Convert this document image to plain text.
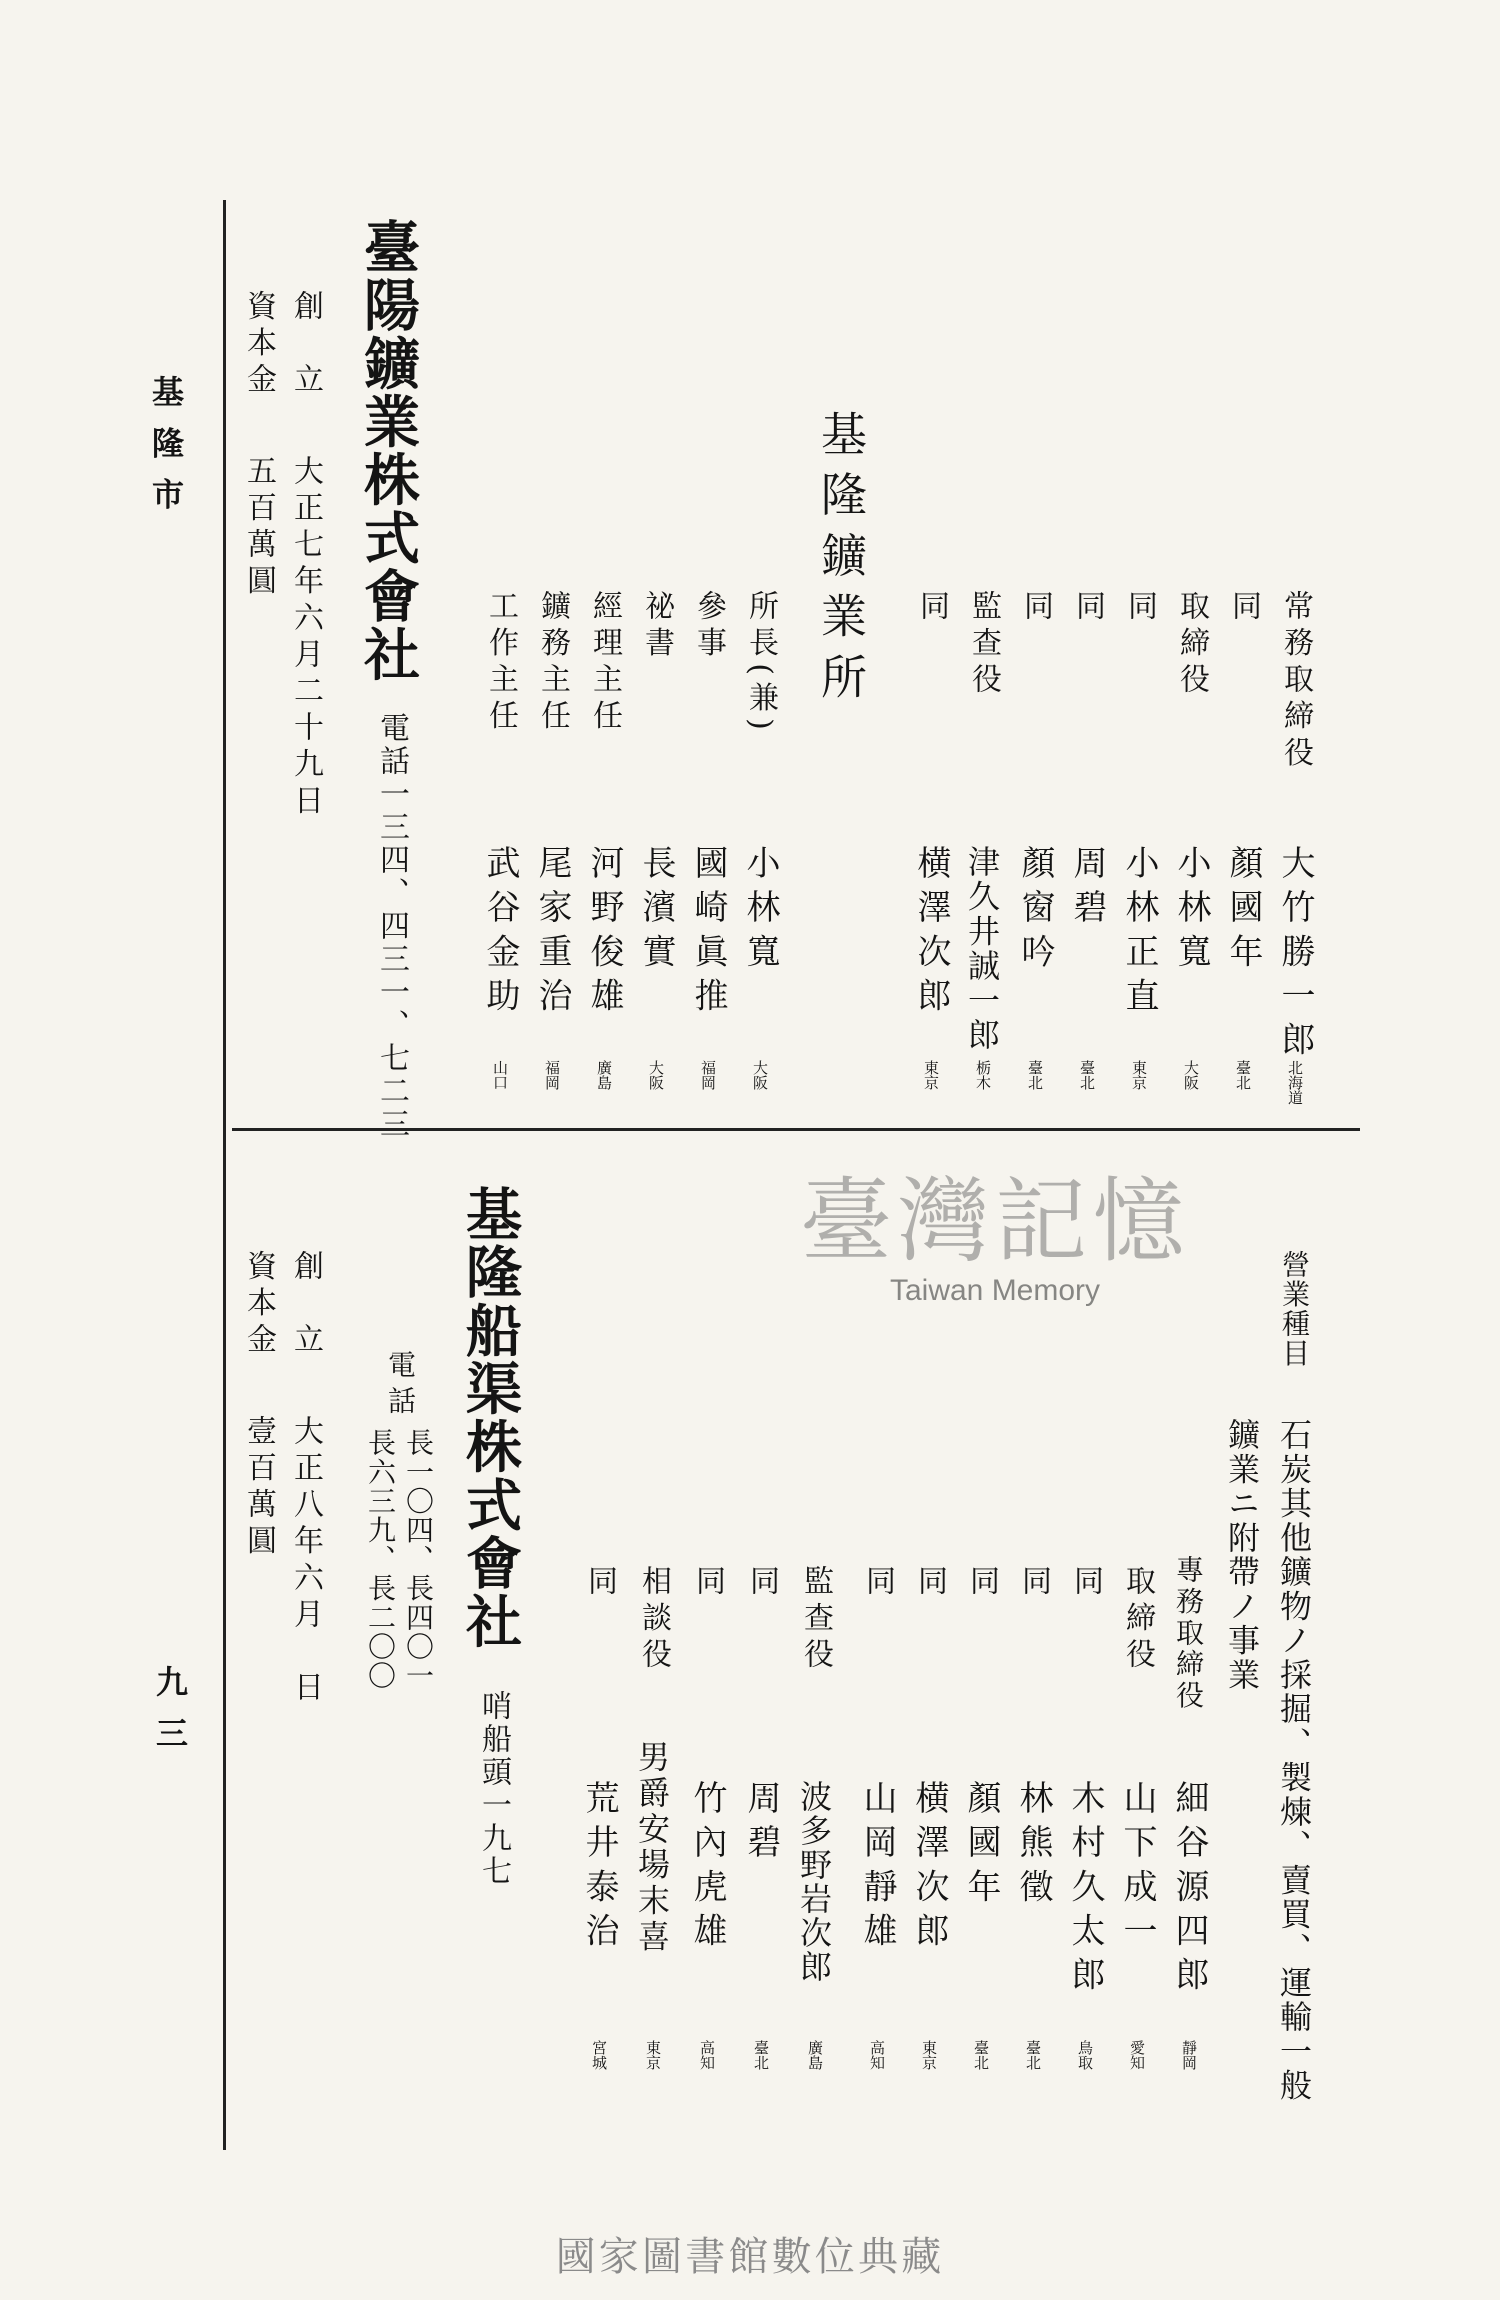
基隆市
九三
臺陽鑛業株式會社
電話一三四、四三一、七二三
創　立
大正七年六月二十九日
資本金
五百萬圓
常務取締役
大竹勝一郎
北海道
同
顏國年
臺北
取締役
小林寬
大阪
同
小林正直
東京
同
周碧
臺北
同
顏窗吟
臺北
監查役
津久井誠一郎
栃木
同
横澤次郎
東京
基隆鑛業所
所長(兼)
小林寬
大阪
參事
國崎眞推
福岡
祕書
長濱實
大阪
經理主任
河野俊雄
廣島
鑛務主任
尾家重治
福岡
工作主任
武谷金助
山口
臺灣記憶
Taiwan Memory	營業種目
石炭其他鑛物ノ採掘、製煉、賣買、運輸一般
鑛業ニ附帶ノ事業
基隆船渠株式會社
哨船頭一九七
電話
長一〇四、長四〇一
長六三九、長二〇〇
創　立
大正八年六月　日
資本金
壹百萬圓
專務取締役
細谷源四郎
靜岡
取締役
山下成一
愛知
同
木村久太郎
鳥取
同
林熊徵
臺北
同
顏國年
臺北
同
横澤次郎
東京
同
山岡靜雄
高知
監查役
波多野岩次郎
廣島
同
周碧
臺北
同
竹內虎雄
高知
相談役
男爵安場末喜
東京
同
荒井泰治
宮城
國家圖書館數位典藏
